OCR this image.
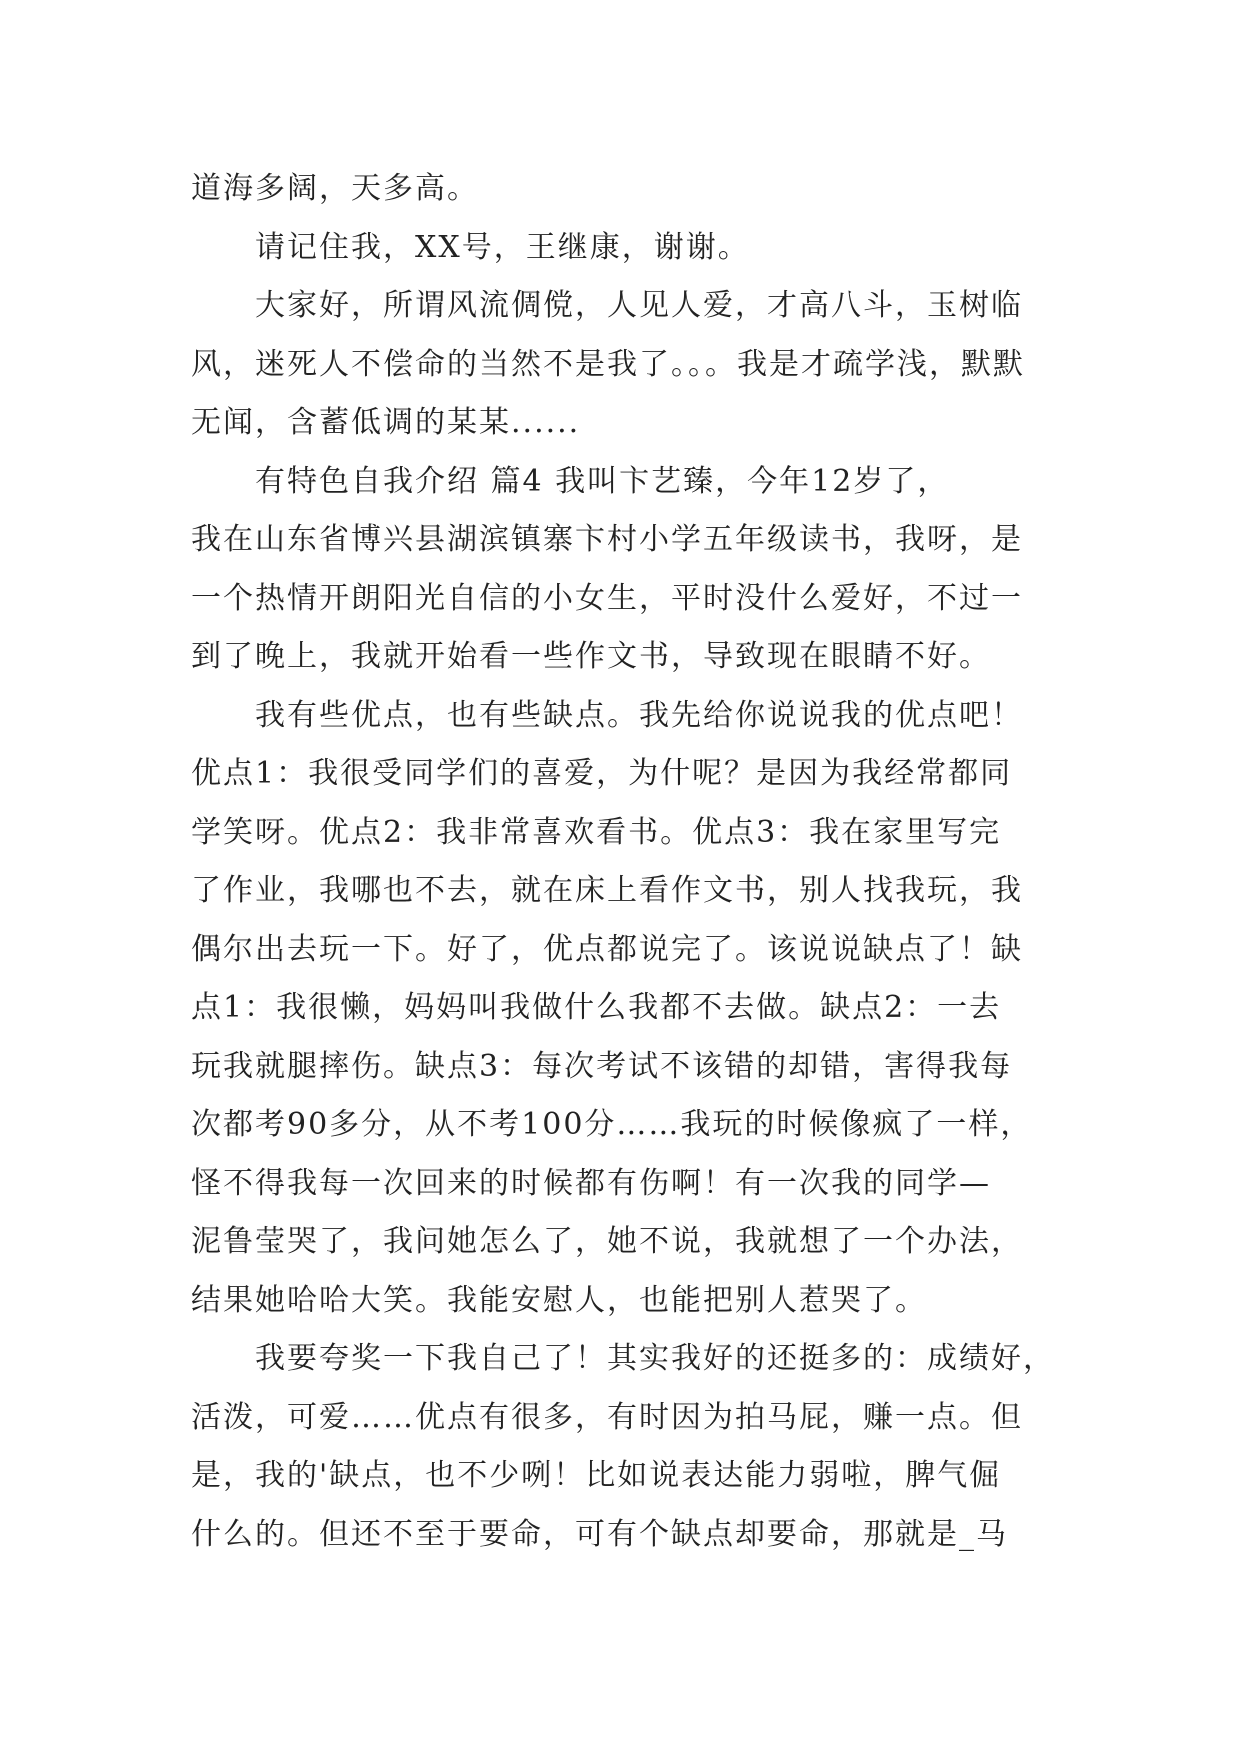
道海多阔，天多高。
请记住我，XX号，王继康，谢谢。
大家好，所谓风流倜傥，人见人爱，才高八斗，玉树临
风，迷死人不偿命的当然不是我了。。。我是才疏学浅，默默
无闻，含蓄低调的某某......
有特色自我介绍 篇4 我叫卞艺臻，今年12岁了，
我在山东省博兴县湖滨镇寨卞村小学五年级读书，我呀，是
一个热情开朗阳光自信的小女生，平时没什么爱好，不过一
到了晚上，我就开始看一些作文书，导致现在眼睛不好。
我有些优点，也有些缺点。我先给你说说我的优点吧！
优点1：我很受同学们的喜爱，为什呢？是因为我经常都同
学笑呀。优点2：我非常喜欢看书。优点3：我在家里写完
了作业，我哪也不去，就在床上看作文书，别人找我玩，我
偶尔出去玩一下。好了，优点都说完了。该说说缺点了！缺
点1：我很懒，妈妈叫我做什么我都不去做。缺点2：一去
玩我就腿摔伤。缺点3：每次考试不该错的却错，害得我每
次都考90多分，从不考100分……我玩的时候像疯了一样，
怪不得我每一次回来的时候都有伤啊！有一次我的同学—
泥鲁莹哭了，我问她怎么了，她不说，我就想了一个办法，
结果她哈哈大笑。我能安慰人，也能把别人惹哭了。
我要夸奖一下我自己了！其实我好的还挺多的：成绩好，
活泼，可爱……优点有很多，有时因为拍马屁，赚一点。但
是，我的'缺点，也不少咧！比如说表达能力弱啦，脾气倔
什么的。但还不至于要命，可有个缺点却要命，那就是_马
